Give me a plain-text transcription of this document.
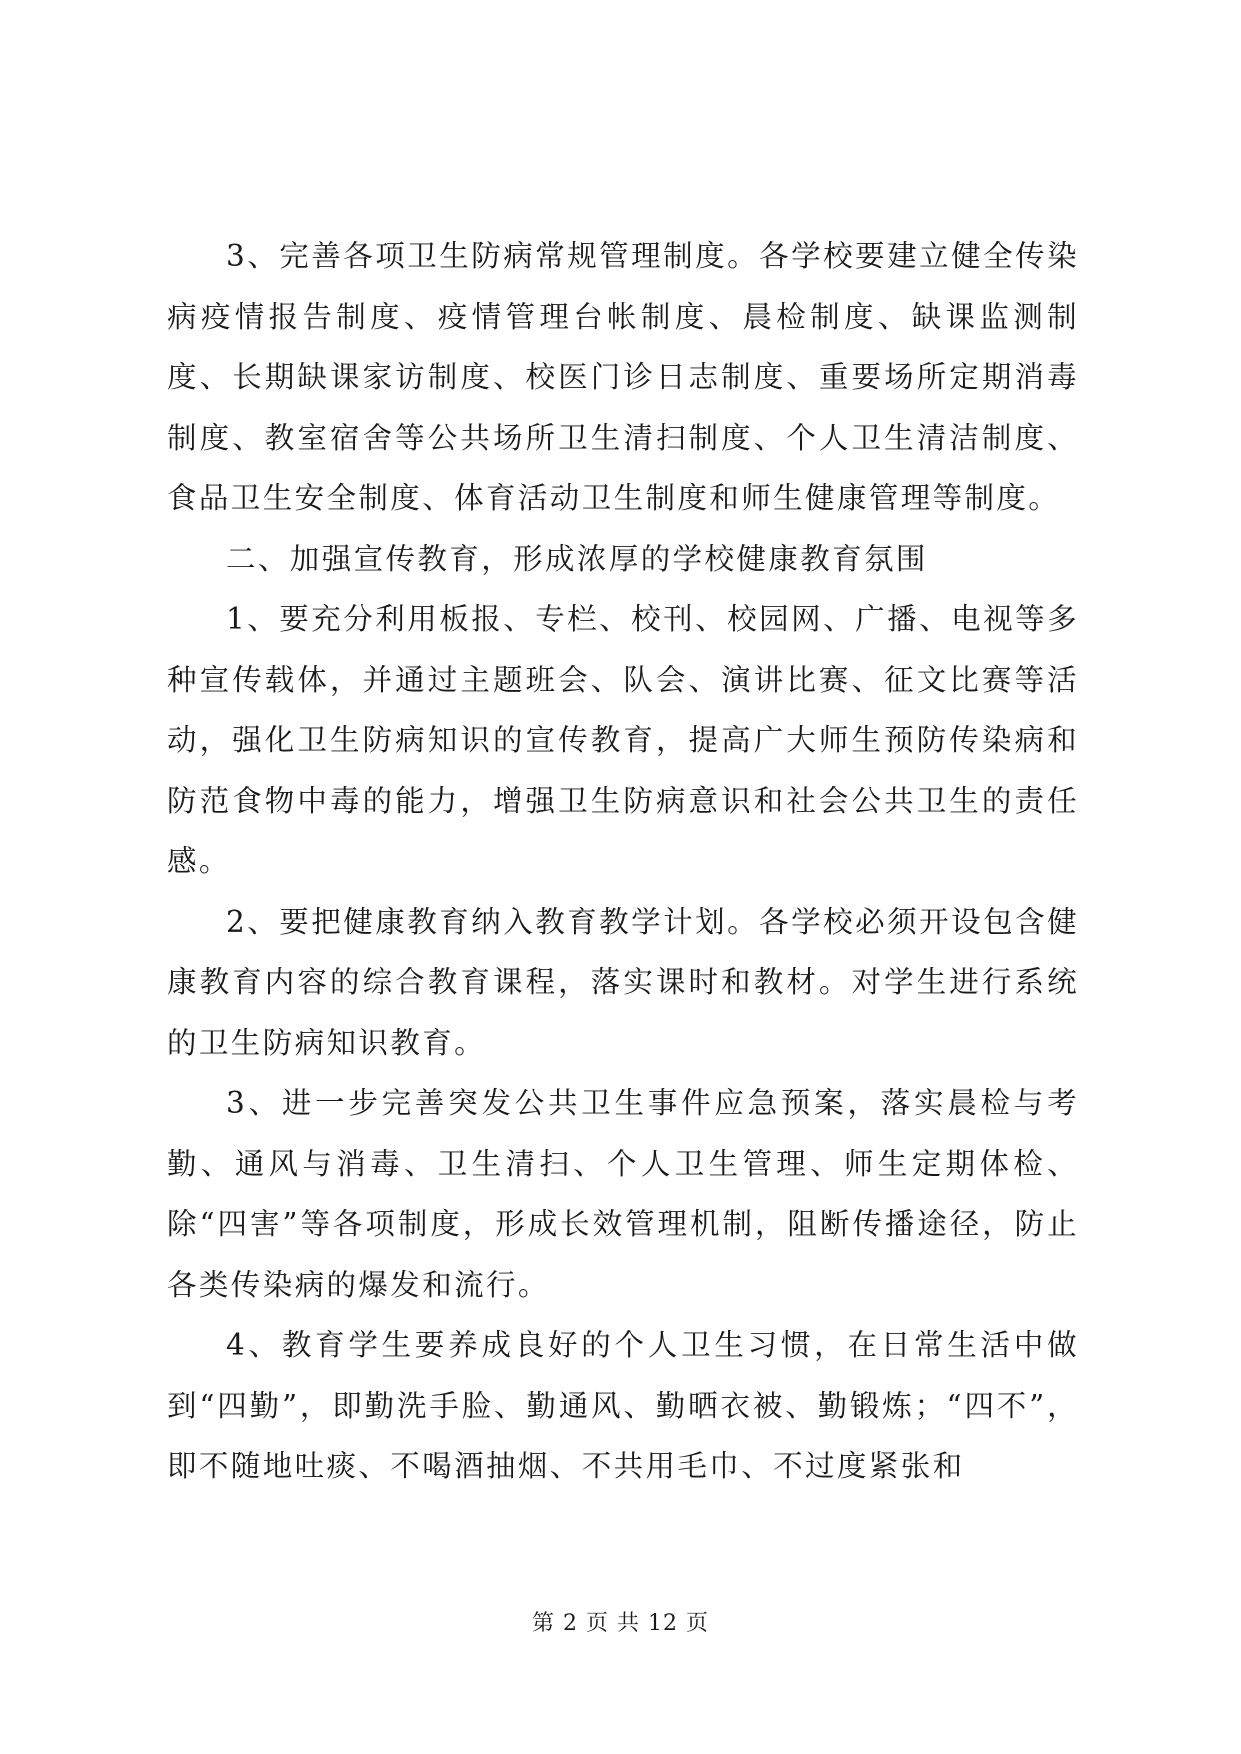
3、完善各项卫生防病常规管理制度。各学校要建立健全传染病疫情报告制度、疫情管理台帐制度、晨检制度、缺课监测制度、长期缺课家访制度、校医门诊日志制度、重要场所定期消毒制度、教室宿舍等公共场所卫生清扫制度、个人卫生清洁制度、食品卫生安全制度、体育活动卫生制度和师生健康管理等制度。

二、加强宣传教育，形成浓厚的学校健康教育氛围

1、要充分利用板报、专栏、校刊、校园网、广播、电视等多种宣传载体，并通过主题班会、队会、演讲比赛、征文比赛等活动，强化卫生防病知识的宣传教育，提高广大师生预防传染病和防范食物中毒的能力，增强卫生防病意识和社会公共卫生的责任感。

2、要把健康教育纳入教育教学计划。各学校必须开设包含健康教育内容的综合教育课程，落实课时和教材。对学生进行系统的卫生防病知识教育。

3、进一步完善突发公共卫生事件应急预案，落实晨检与考勤、通风与消毒、卫生清扫、个人卫生管理、师生定期体检、除“四害”等各项制度，形成长效管理机制，阻断传播途径，防止各类传染病的爆发和流行。

4、教育学生要养成良好的个人卫生习惯，在日常生活中做到“四勤”，即勤洗手脸、勤通风、勤晒衣被、勤锻炼；“四不”，即不随地吐痰、不喝酒抽烟、不共用毛巾、不过度紧张和

第 2 页 共 12 页
